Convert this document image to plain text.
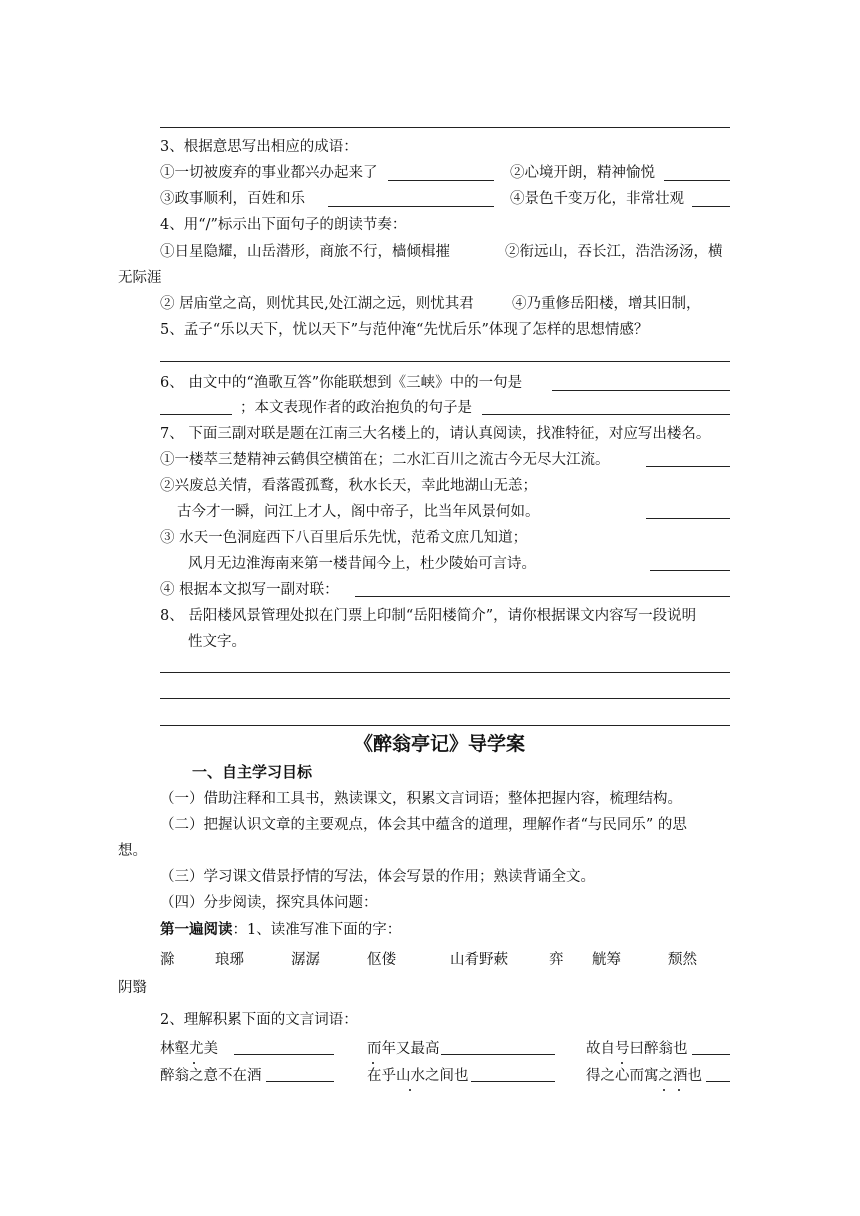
3、根据意思写出相应的成语：
①一切被废弃的事业都兴办起来了	②心境开朗，精神愉悦
③政事顺利，百姓和乐	④景色千变万化，非常壮观
4、用“/”标示出下面句子的朗读节奏：
①日星隐耀，山岳潜形，商旅不行，樯倾楫摧	②衔远山，吞长江，浩浩汤汤，横
无际涯
② 居庙堂之高，则忧其民,处江湖之远，则忧其君	④乃重修岳阳楼，增其旧制，
5、孟子“乐以天下，忧以天下”与范仲淹“先忧后乐”体现了怎样的思想情感？
6、 由文中的“渔歌互答”你能联想到《三峡》中的一句是
；本文表现作者的政治抱负的句子是
7、 下面三副对联是题在江南三大名楼上的，请认真阅读，找准特征，对应写出楼名。
①一楼萃三楚精神云鹤俱空横笛在；二水汇百川之流古今无尽大江流。
②兴废总关情，看落霞孤鹜，秋水长天，幸此地湖山无恙；
古今才一瞬，问江上才人，阁中帝子，比当年风景何如。
③ 水天一色洞庭西下八百里后乐先忧，范希文庶几知道；
风月无边淮海南来第一楼昔闻今上，杜少陵始可言诗。
④ 根据本文拟写一副对联：
8、 岳阳楼风景管理处拟在门票上印制“岳阳楼简介”，请你根据课文内容写一段说明
性文字。
《醉翁亭记》导学案
一、自主学习目标
（一）借助注释和工具书，熟读课文，积累文言词语；整体把握内容，梳理结构。
（二）把握认识文章的主要观点，体会其中蕴含的道理，理解作者“与民同乐” 的思
想。
（三）学习课文借景抒情的写法，体会写景的作用；熟读背诵全文。
（四）分步阅读，探究具体问题：
第一遍阅读：1、读准写准下面的字：
滁	琅琊	潺潺	伛偻	山肴野蔌	弈 觥筹	颓然
阴翳
2、理解积累下面的文言词语：
林壑尤美	而年又最高	故自号曰醉翁也
醉翁之意不在酒	在乎山水之间也	得之心而寓之酒也
